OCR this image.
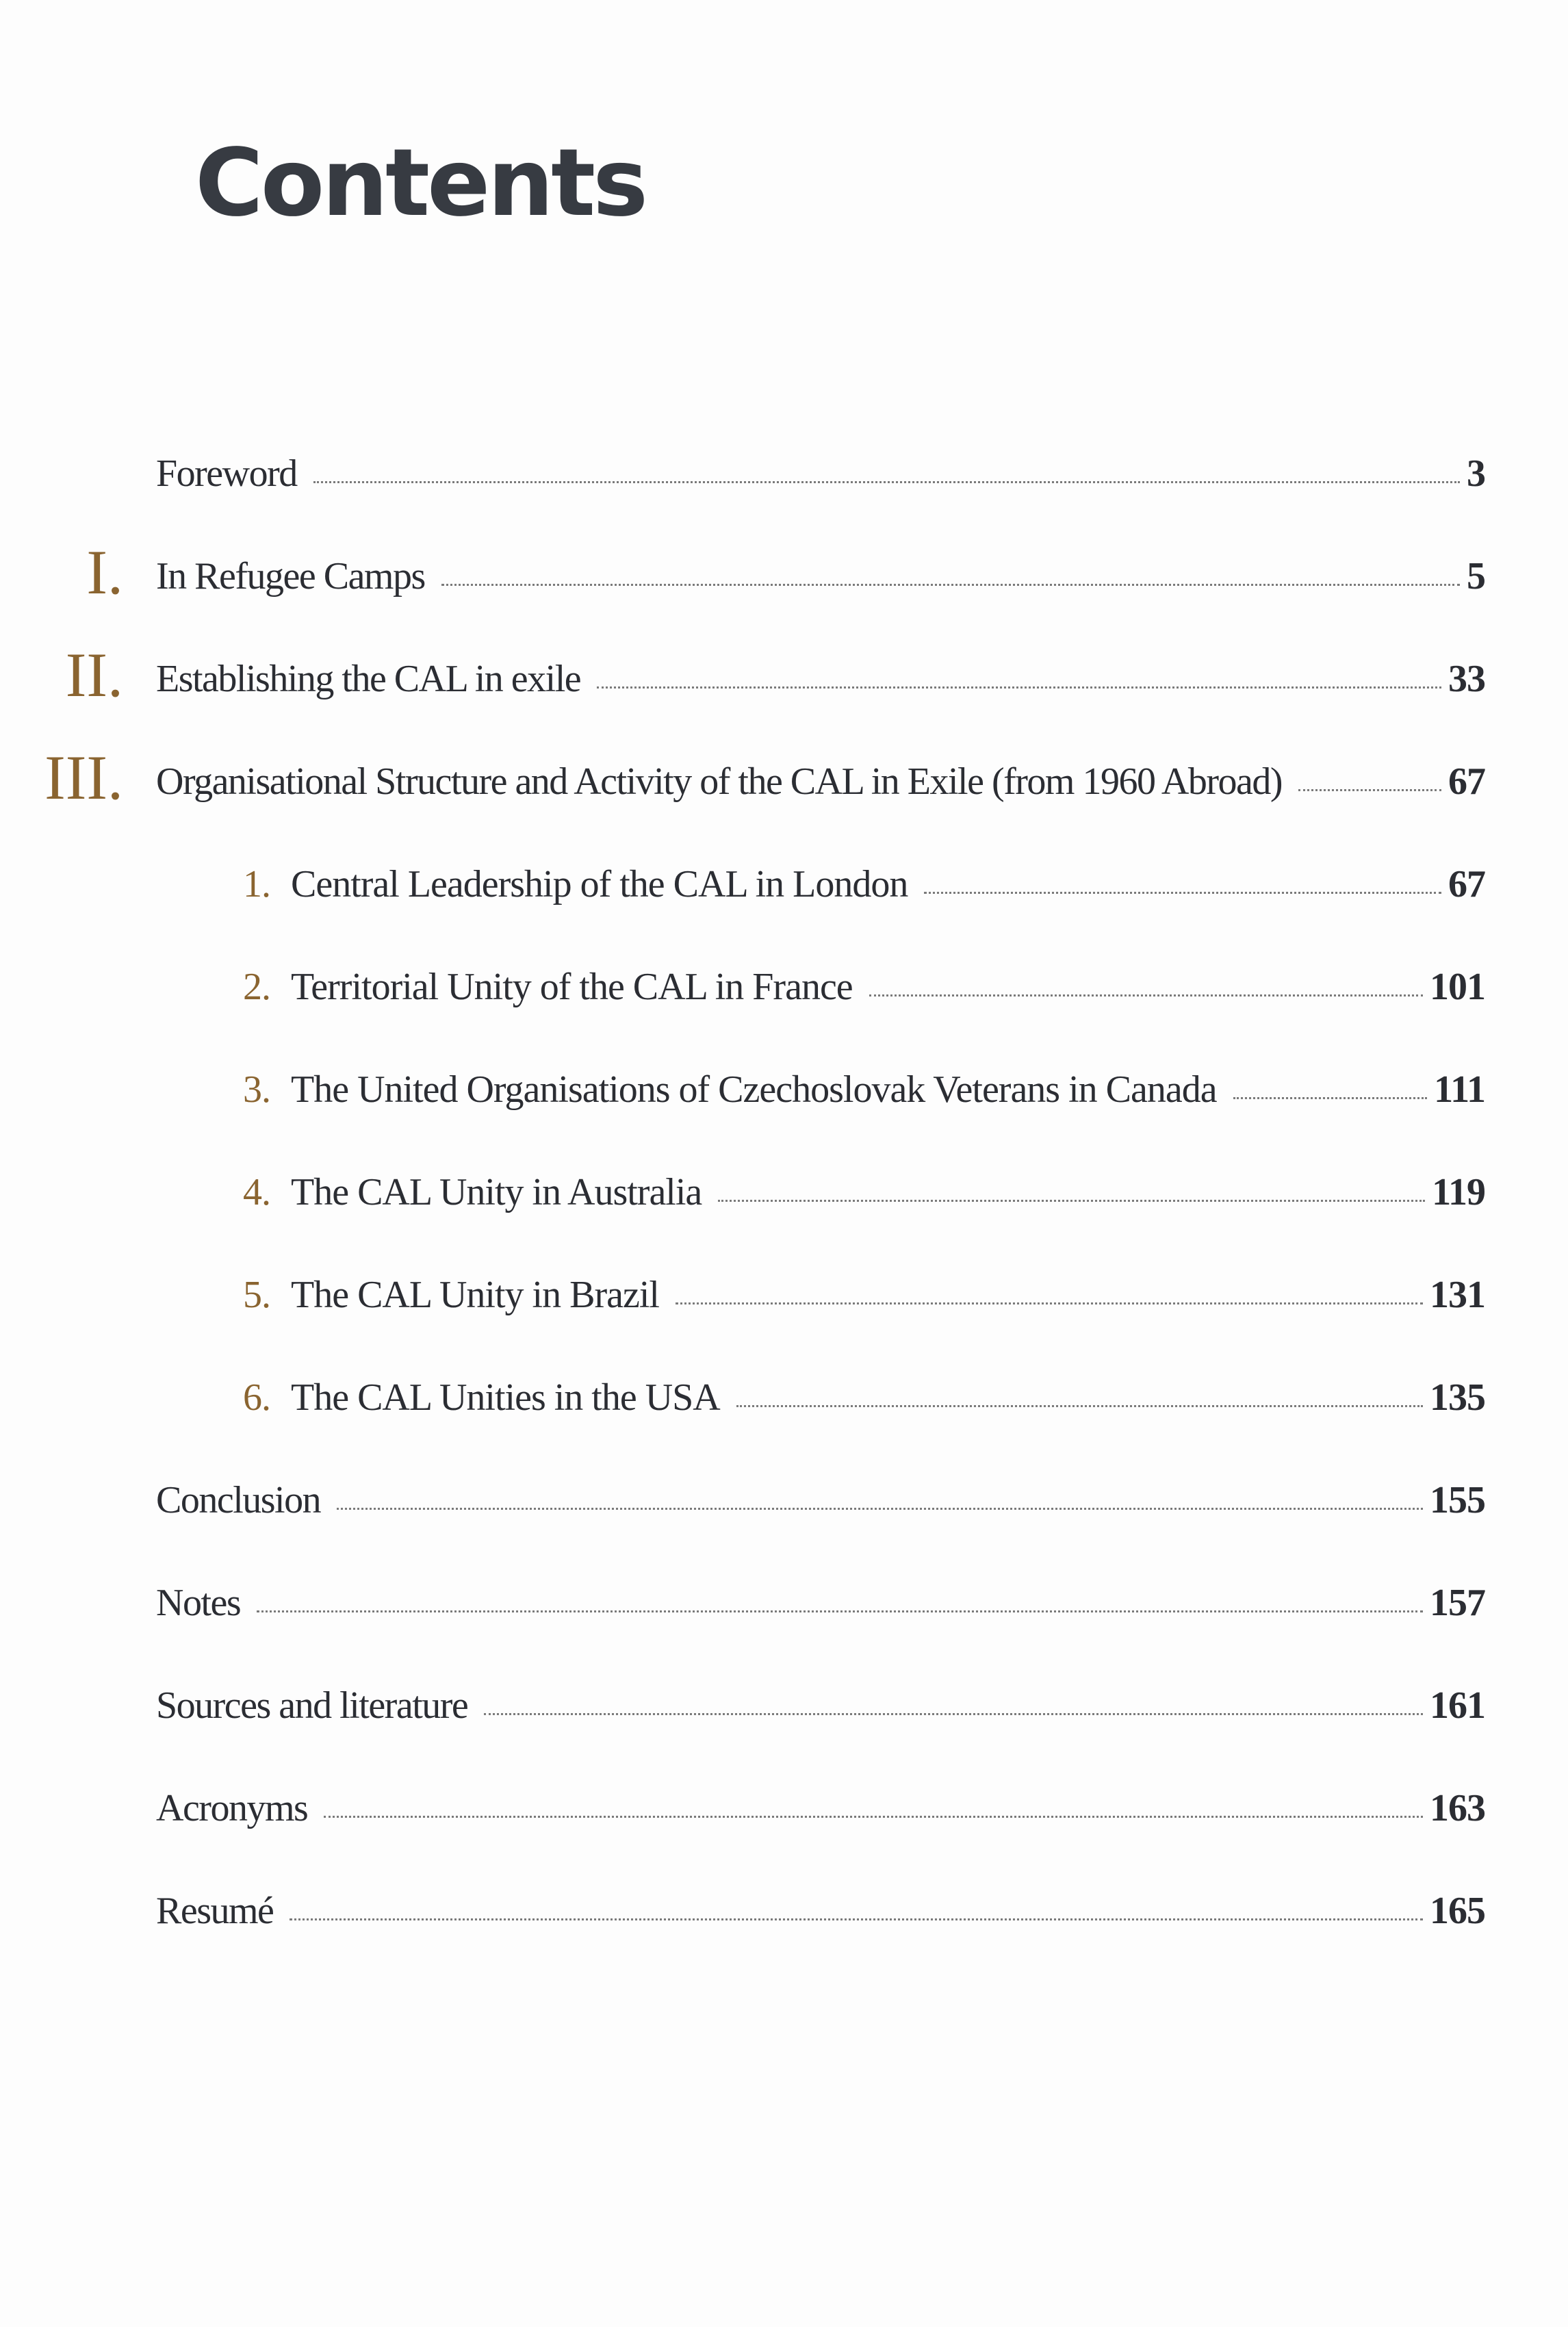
Contents
Foreword	3
I. In Refugee Camps	5
II. Establishing the CAL in exile	33
III. Organisational Structure and Activity of the CAL in Exile (from 1960 Abroad)	67
1. Central Leadership of the CAL in London	67
2. Territorial Unity of the CAL in France	101
3. The United Organisations of Czechoslovak Veterans in Canada	111
4. The CAL Unity in Australia	119
5. The CAL Unity in Brazil	131
6. The CAL Unities in the USA	135
Conclusion	155
Notes	157
Sources and literature	161
Acronyms	163
Resumé	165
